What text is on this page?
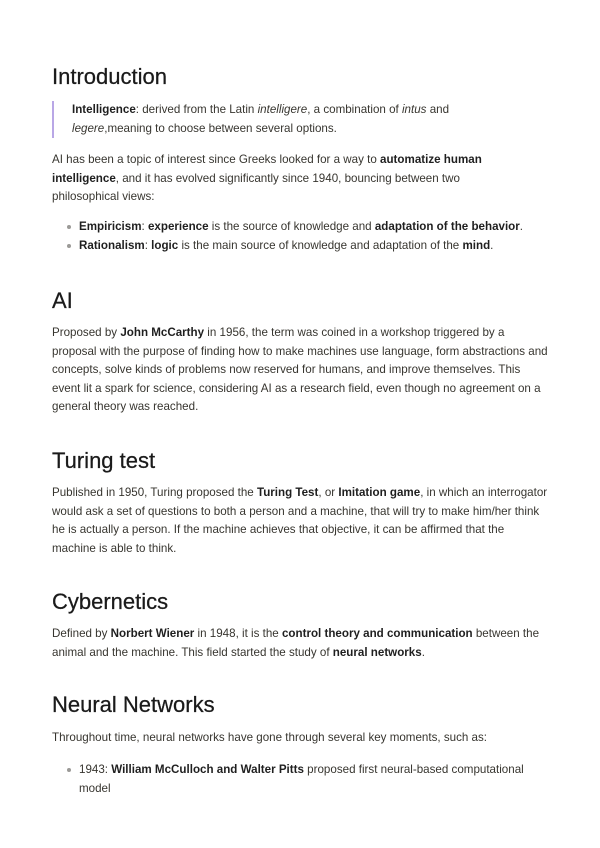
Introduction

Intelligence: derived from the Latin intelligere, a combination of intus and
legere,meaning to choose between several options.

AI has been a topic of interest since Greeks looked for a way to automatize human intelligence, and it has evolved significantly since 1940, bouncing between two philosophical views:

Empiricism: experience is the source of knowledge and adaptation of the behavior.
Rationalism: logic is the main source of knowledge and adaptation of the mind.
AI

Proposed by John McCarthy in 1956, the term was coined in a workshop triggered by a proposal with the purpose of finding how to make machines use language, form abstractions and concepts, solve kinds of problems now reserved for humans, and improve themselves. This event lit a spark for science, considering AI as a research field, even though no agreement on a general theory was reached.

Turing test

Published in 1950, Turing proposed the Turing Test, or Imitation game, in which an interrogator would ask a set of questions to both a person and a machine, that will try to make him/her think he is actually a person. If the machine achieves that objective, it can be affirmed that the machine is able to think.

Cybernetics

Defined by Norbert Wiener in 1948, it is the control theory and communication between the animal and the machine. This field started the study of neural networks.

Neural Networks

Throughout time, neural networks have gone through several key moments, such as:

1943: William McCulloch and Walter Pitts proposed first neural-based computational model
